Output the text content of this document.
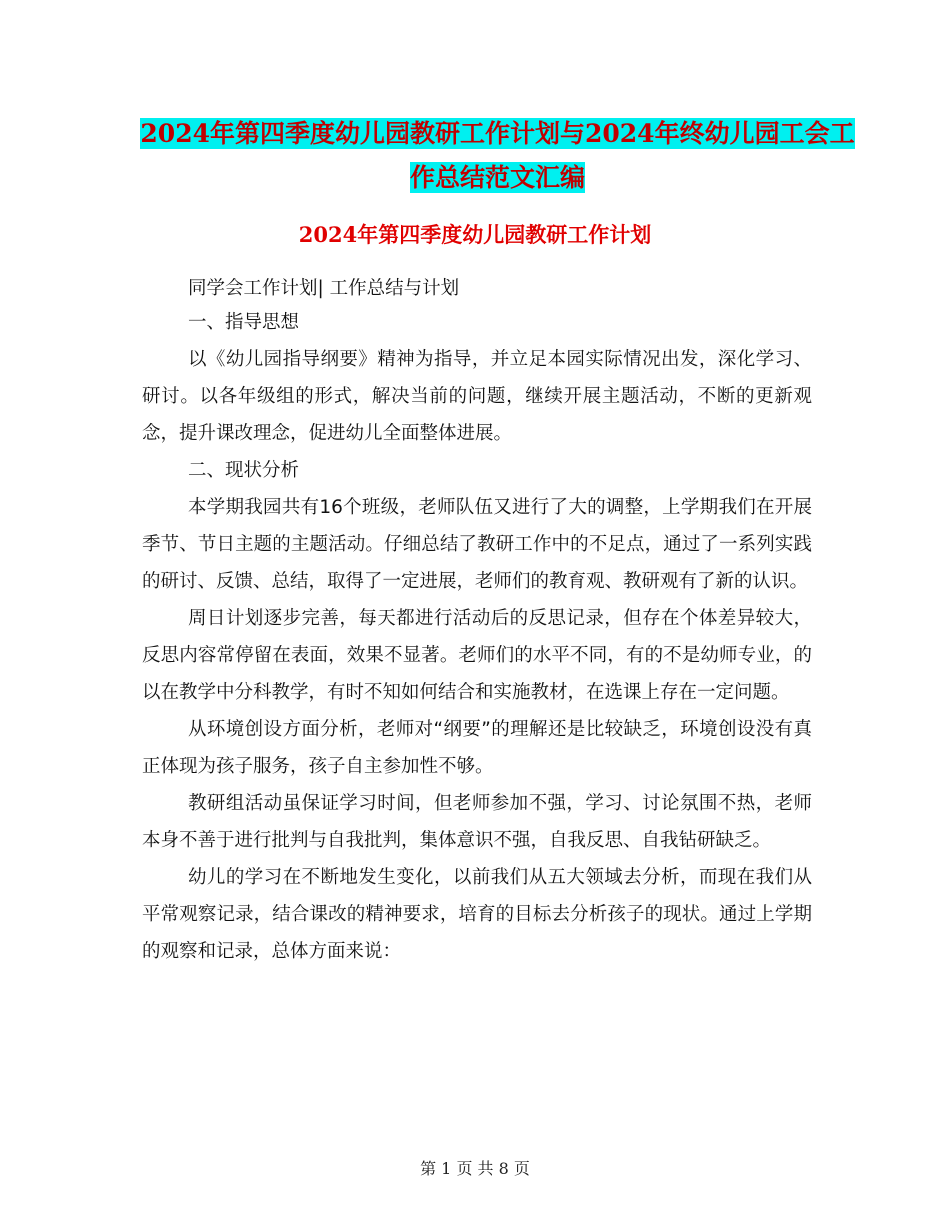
2024年第四季度幼儿园教研工作计划与2024年终幼儿园工会工作总结范文汇编
2024年第四季度幼儿园教研工作计划

同学会工作计划| 工作总结与计划

一、指导思想

以《幼儿园指导纲要》精神为指导，并立足本园实际情况出发，深化学习、研讨。以各年级组的形式，解决当前的问题，继续开展主题活动，不断的更新观念，提升课改理念，促进幼儿全面整体进展。

二、现状分析

本学期我园共有16个班级，老师队伍又进行了大的调整，上学期我们在开展季节、节日主题的主题活动。仔细总结了教研工作中的不足点，通过了一系列实践的研讨、反馈、总结，取得了一定进展，老师们的教育观、教研观有了新的认识。

周日计划逐步完善，每天都进行活动后的反思记录，但存在个体差异较大，反思内容常停留在表面，效果不显著。老师们的水平不同，有的不是幼师专业，的以在教学中分科教学，有时不知如何结合和实施教材，在选课上存在一定问题。

从环境创设方面分析，老师对“纲要”的理解还是比较缺乏，环境创设没有真正体现为孩子服务，孩子自主参加性不够。

教研组活动虽保证学习时间，但老师参加不强，学习、讨论氛围不热，老师本身不善于进行批判与自我批判，集体意识不强，自我反思、自我钻研缺乏。

幼儿的学习在不断地发生变化，以前我们从五大领域去分析，而现在我们从平常观察记录，结合课改的精神要求，培育的目标去分析孩子的现状。通过上学期的观察和记录，总体方面来说：

第 1 页 共 8 页
